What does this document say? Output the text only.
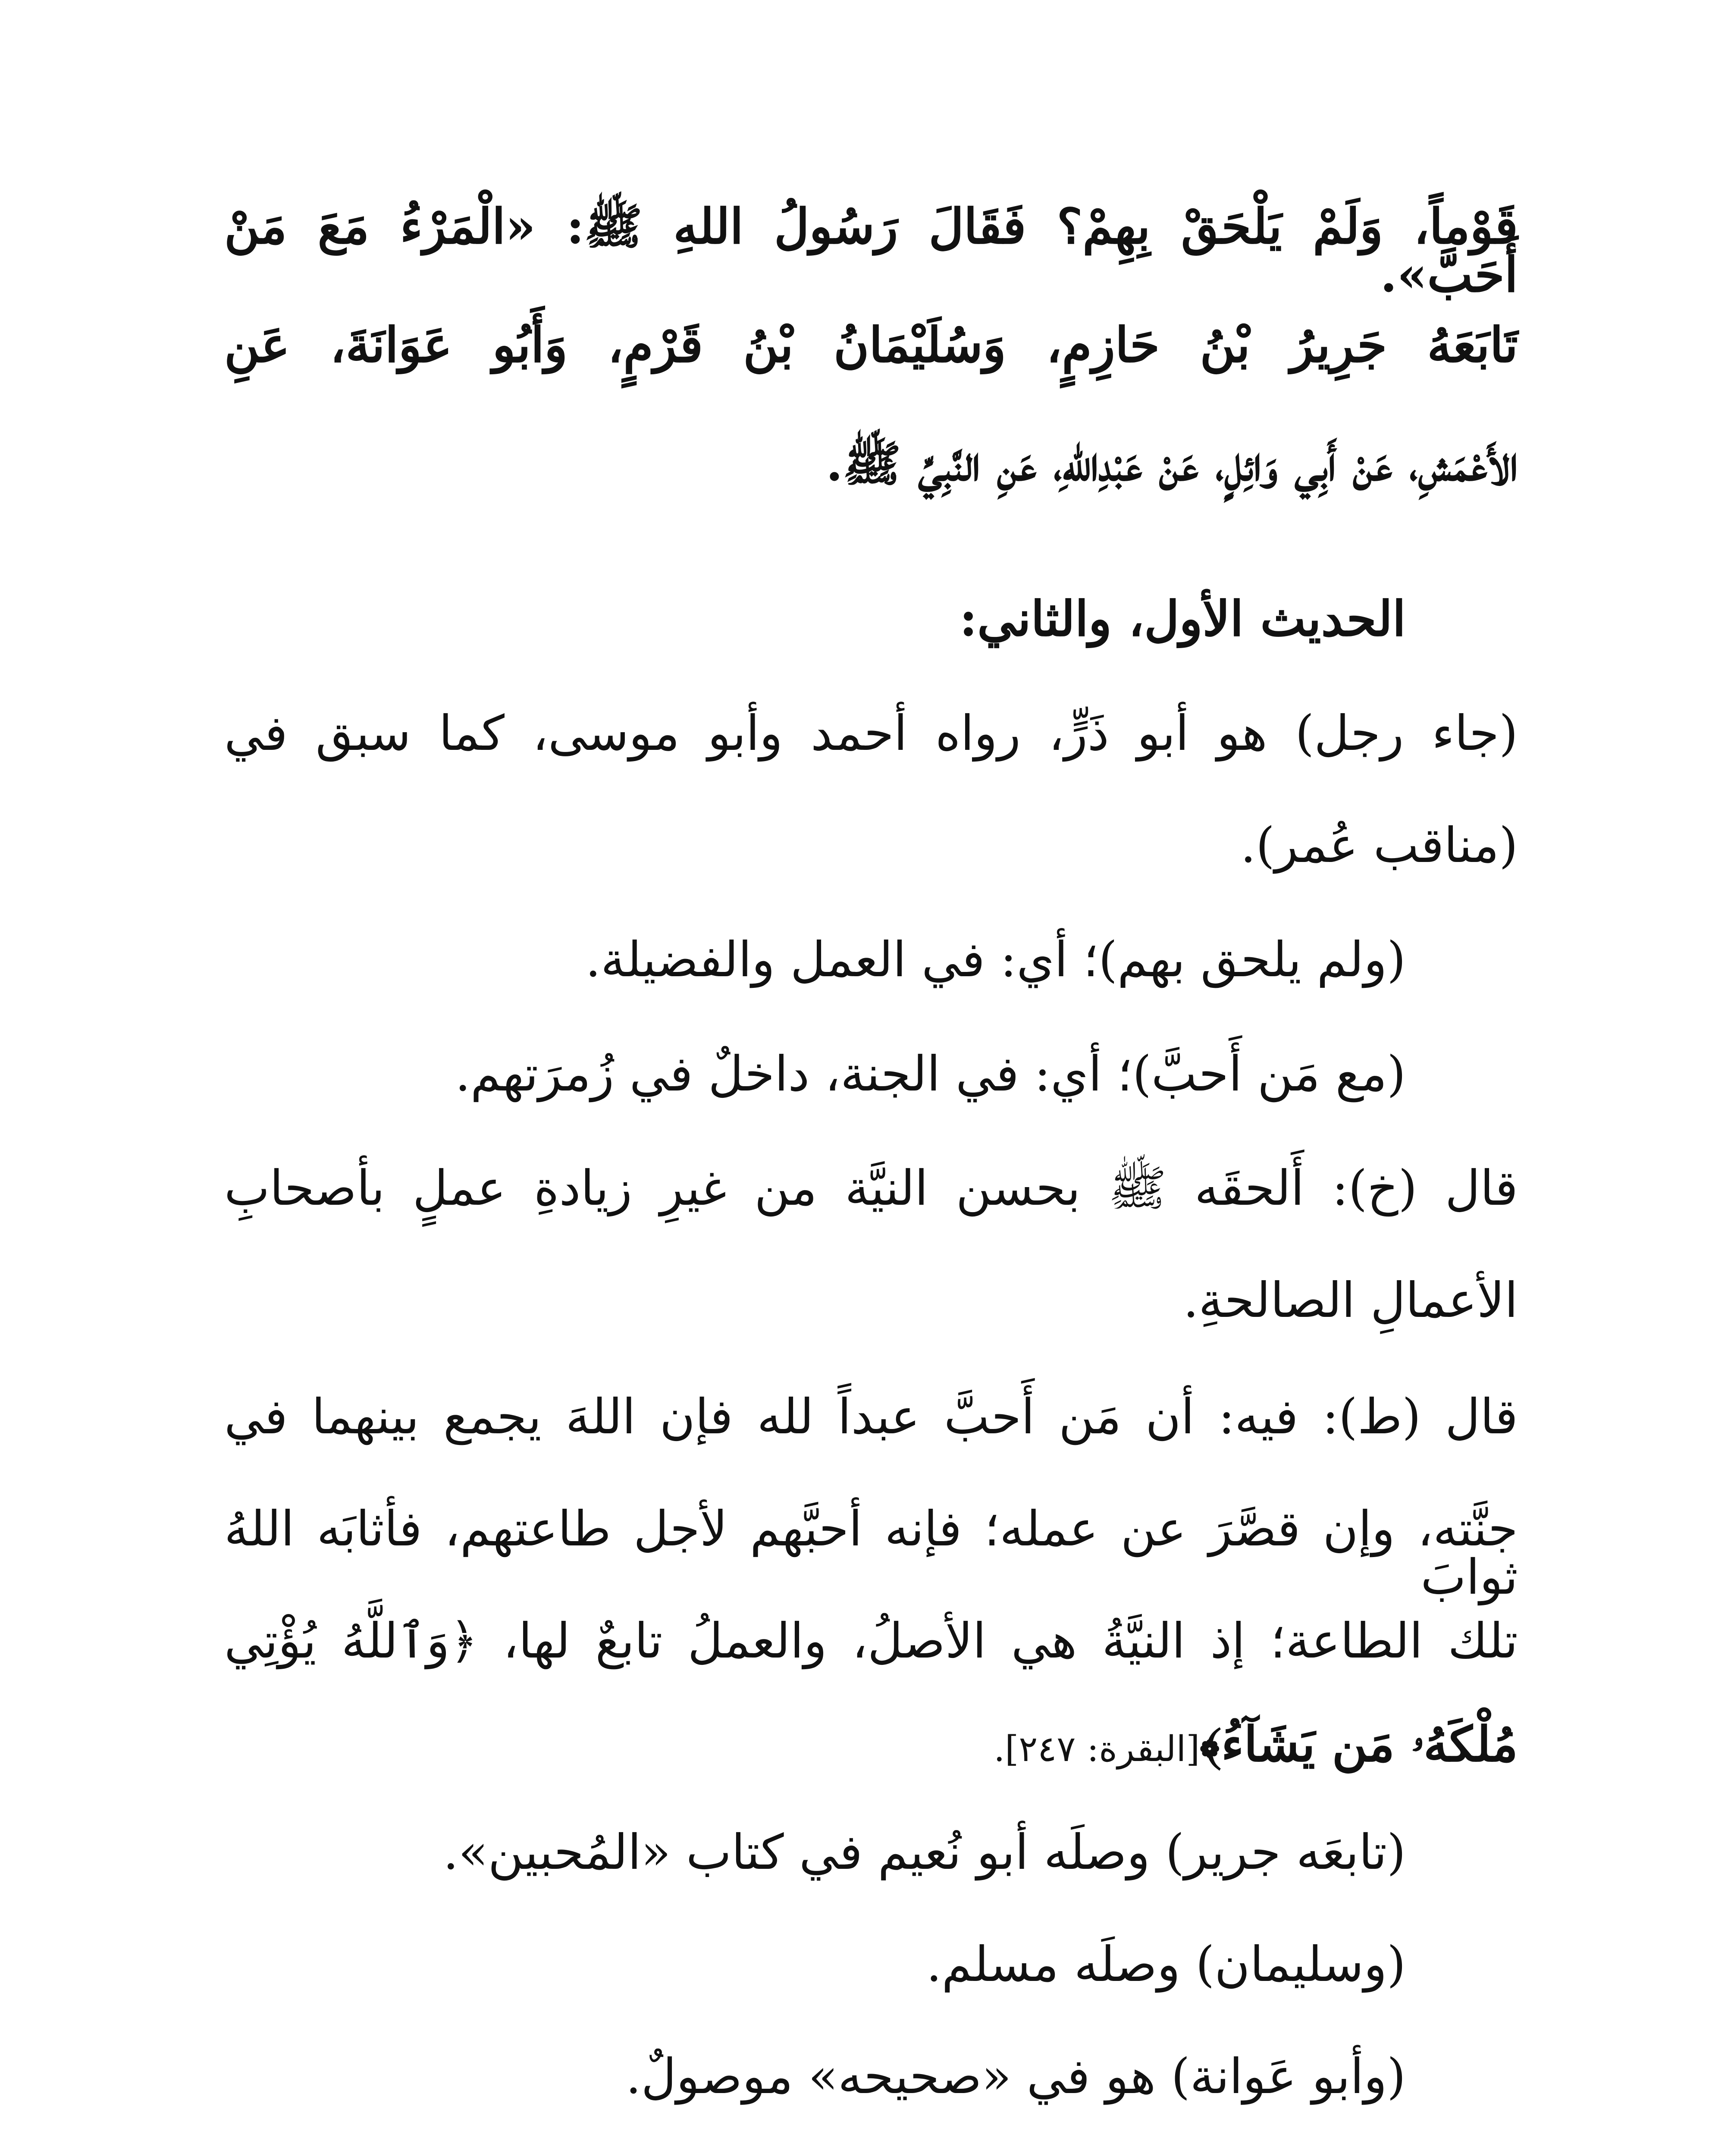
قَوْماً، وَلَمْ يَلْحَقْ بِهِمْ؟ فَقَالَ رَسُولُ اللهِ ﷺ: «الْمَرْءُ مَعَ مَنْ أَحَبَّ».
تَابَعَهُ جَرِيرُ بْنُ حَازِمٍ، وَسُلَيْمَانُ بْنُ قَرْمٍ، وَأَبُو عَوَانَةَ، عَنِ
الأَعْمَشِ، عَنْ أَبِي وَائِلٍ، عَنْ عَبْدِاللهِ، عَنِ النَّبِيِّ ﷺ.
الحديث الأول، والثاني:
(جاء رجل) هو أبو ذَرٍّ، رواه أحمد وأبو موسى، كما سبق في
(مناقب عُمر).
(ولم يلحق بهم)؛ أي: في العمل والفضيلة.
(مع مَن أَحبَّ)؛ أي: في الجنة، داخلٌ في زُمرَتهم.
قال (خ): أَلحقَه ﷺ بحسن النيَّة من غيرِ زيادةِ عملٍ بأصحابِ
الأعمالِ الصالحةِ.
قال (ط): فيه: أن مَن أَحبَّ عبداً لله فإن اللهَ يجمع بينهما في
جنَّته، وإن قصَّرَ عن عمله؛ فإنه أحبَّهم لأجل طاعتهم، فأثابَه اللهُ ثوابَ
تلك الطاعة؛ إذ النيَّةُ هي الأصلُ، والعملُ تابعٌ لها، ﴿وَٱللَّهُ يُؤْتِي
مُلْكَهُۥ مَن يَشَآءُ﴾[البقرة: ٢٤٧].
(تابعَه جرير) وصلَه أبو نُعيم في كتاب «المُحبين».
(وسليمان) وصلَه مسلم.
(وأبو عَوانة) هو في «صحيحه» موصولٌ.
